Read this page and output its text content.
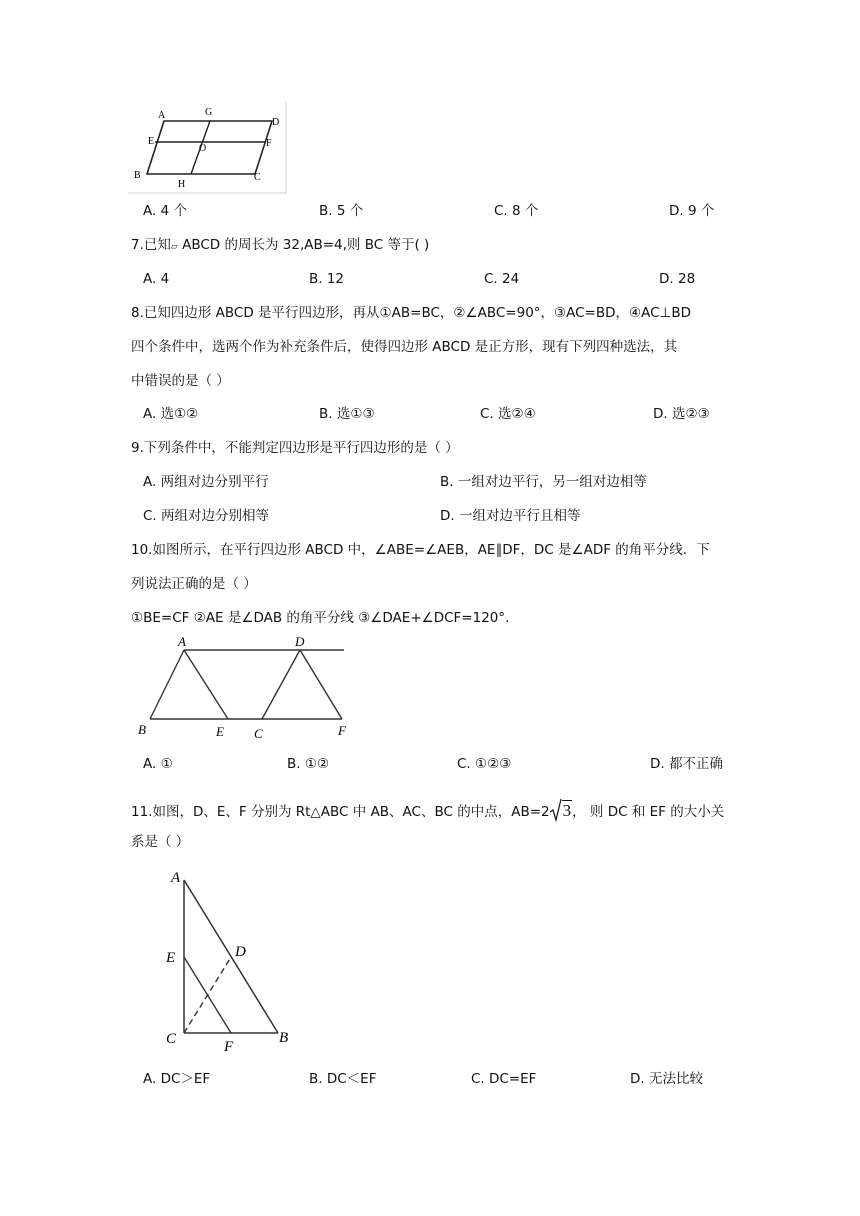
A	G
D
E
O	F
B
H
C
A. 4 个	B. 5 个	C. 8 个	D. 9 个
7.已知▱ ABCD 的周长为 32,AB=4,则 BC 等于( )
A. 4	B. 12	C. 24	D. 28
8.已知四边形 ABCD 是平行四边形，再从①AB=BC，②∠ABC=90°，③AC=BD，④AC⊥BD
四个条件中，选两个作为补充条件后，使得四边形 ABCD 是正方形，现有下列四种选法，其
中错误的是（ ）
A. 选①②	B. 选①③	C. 选②④	D. 选②③
9.下列条件中，不能判定四边形是平行四边形的是（ ）
A. 两组对边分别平行	B. 一组对边平行，另一组对边相等
C. 两组对边分别相等	D. 一组对边平行且相等
10.如图所示，在平行四边形 ABCD 中，∠ABE=∠AEB，AE∥DF，DC 是∠ADF 的角平分线．下
列说法正确的是（ ）
①BE=CF ②AE 是∠DAB 的角平分线 ③∠DAE+∠DCF=120°.
A	D
B	E C	F
A. ①	B. ①②	C. ①②③	D. 都不正确
11.如图，D、E、F 分别为 Rt△ABC 中 AB、AC、BC 的中点，AB=2 3， 则 DC 和 EF 的大小关
系是（ ）
A
E	D
C	F
B
A. DC＞EF	B. DC＜EF	C. DC=EF	D. 无法比较
